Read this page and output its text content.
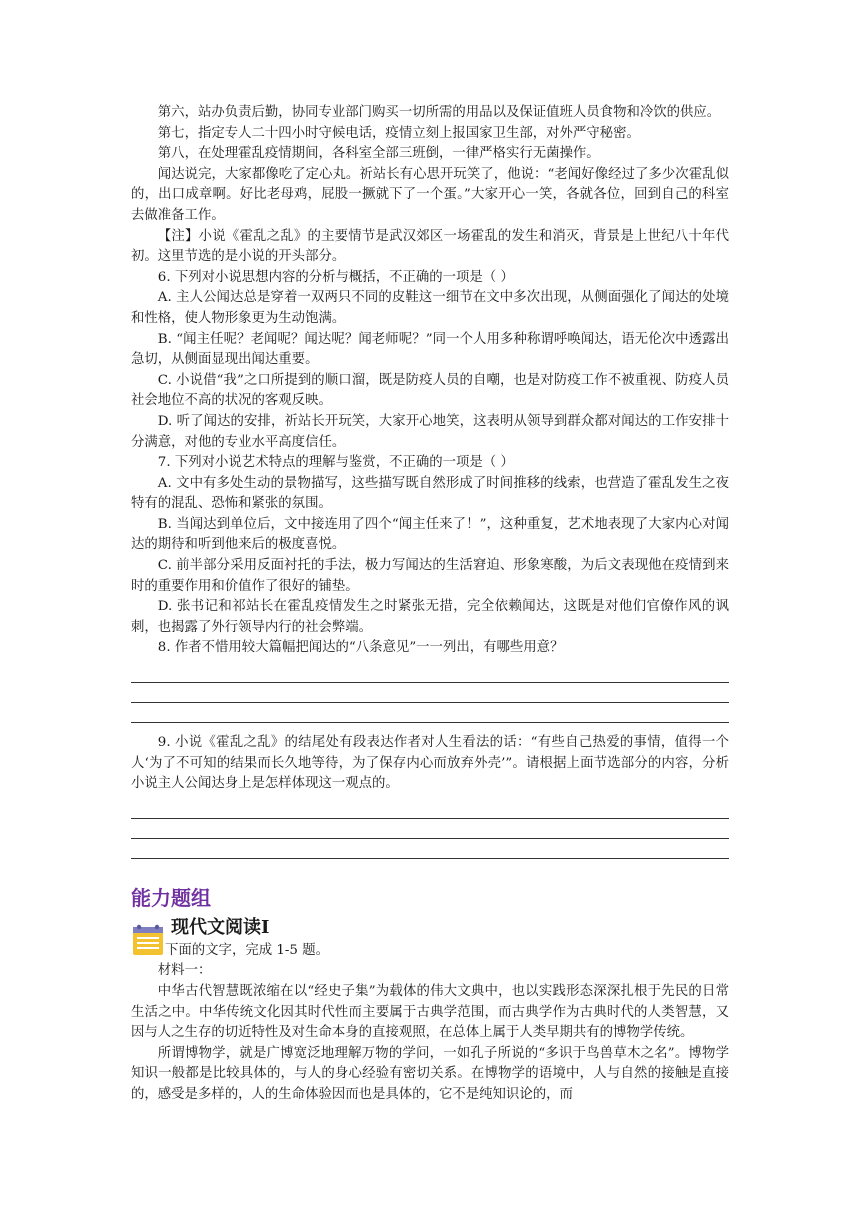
第六，站办负责后勤，协同专业部门购买一切所需的用品以及保证值班人员食物和冷饮的供应。

第七，指定专人二十四小时守候电话，疫情立刻上报国家卫生部，对外严守秘密。

第八，在处理霍乱疫情期间，各科室全部三班倒，一律严格实行无菌操作。

闻达说完，大家都像吃了定心丸。祈站长有心思开玩笑了，他说：“老闻好像经过了多少次霍乱似的，出口成章啊。好比老母鸡，屁股一撅就下了一个蛋。”大家开心一笑，各就各位，回到自己的科室去做准备工作。

【注】小说《霍乱之乱》的主要情节是武汉郊区一场霍乱的发生和消灭，背景是上世纪八十年代初。这里节选的是小说的开头部分。

6. 下列对小说思想内容的分析与概括，不正确的一项是（ ）

A. 主人公闻达总是穿着一双两只不同的皮鞋这一细节在文中多次出现，从侧面强化了闻达的处境和性格，使人物形象更为生动饱满。

B. “闻主任呢？老闻呢？闻达呢？闻老师呢？”同一个人用多种称谓呼唤闻达，语无伦次中透露出急切，从侧面显现出闻达重要。

C. 小说借“我”之口所提到的顺口溜，既是防疫人员的自嘲，也是对防疫工作不被重视、防疫人员社会地位不高的状况的客观反映。

D. 听了闻达的安排，祈站长开玩笑，大家开心地笑，这表明从领导到群众都对闻达的工作安排十分满意，对他的专业水平高度信任。

7. 下列对小说艺术特点的理解与鉴赏，不正确的一项是（ ）

A. 文中有多处生动的景物描写，这些描写既自然形成了时间推移的线索，也营造了霍乱发生之夜特有的混乱、恐怖和紧张的氛围。

B. 当闻达到单位后，文中接连用了四个“闻主任来了！”，这种重复，艺术地表现了大家内心对闻达的期待和听到他来后的极度喜悦。

C. 前半部分采用反面衬托的手法，极力写闻达的生活窘迫、形象寒酸，为后文表现他在疫情到来时的重要作用和价值作了很好的铺垫。

D. 张书记和祁站长在霍乱疫情发生之时紧张无措，完全依赖闻达，这既是对他们官僚作风的讽刺，也揭露了外行领导内行的社会弊端。

8. 作者不惜用较大篇幅把闻达的“八条意见”一一列出，有哪些用意？

9. 小说《霍乱之乱》的结尾处有段表达作者对人生看法的话：“有些自己热爱的事情，值得一个人‘为了不可知的结果而长久地等待，为了保存内心而放弃外壳’”。请根据上面节选部分的内容，分析小说主人公闻达身上是怎样体现这一观点的。

能力题组
现代文阅读Ⅰ

下面的文字，完成 1-5 题。

材料一：

中华古代智慧既浓缩在以“经史子集”为载体的伟大文典中，也以实践形态深深扎根于先民的日常生活之中。中华传统文化因其时代性而主要属于古典学范围，而古典学作为古典时代的人类智慧，又因与人之生存的切近特性及对生命本身的直接观照，在总体上属于人类早期共有的博物学传统。

所谓博物学，就是广博宽泛地理解万物的学问，一如孔子所说的“多识于鸟兽草木之名”。博物学知识一般都是比较具体的，与人的身心经验有密切关系。在博物学的语境中，人与自然的接触是直接的，感受是多样的，人的生命体验因而也是具体的，它不是纯知识论的，而
